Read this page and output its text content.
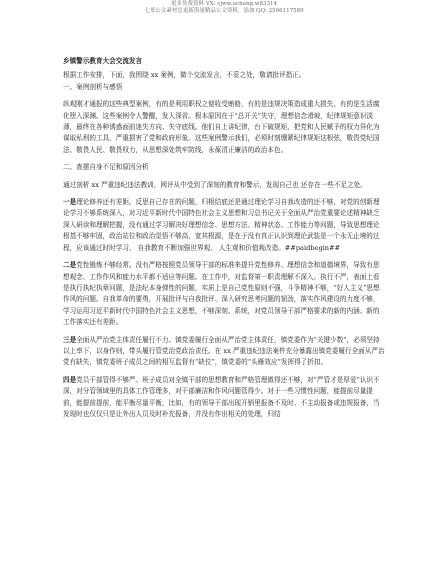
更多免费资料 VX: cjww.ucheng.w83314
七哥公文素材总更新海量精品公文资料，添加 QQ: 2506117589
乡镇警示教育大会交流发言

根据工作安排，下面，我围绕 xx 案例，做个交流发言，不妥之处，敬请批评指正。

一、案例剖析与感悟

纵观刚才通报的这些典型案例，有的是利用职权之便收受贿赂，有的是违规决策造成重大损失，有的是生活腐化堕入深渊。这些案例令人警醒，发人深省。根本原因在于“总开关”失守，理想信念滑坡，纪律规矩意识淡薄，最终在各种诱惑面前迷失方向、失守底线。他们自上讲纪律，台下破规矩，把党和人民赋予的权力异化为谋取私利的工具，严重损害了党和政府形象。这些案例警示我们，必须时刻绷紧纪律规矩这根弦，敬畏党纪国法、敬畏人民、敬畏权力，从思想深处筑牢防线，永葆清正廉洁的政治本色。

二、查摆自身不足和原因分析

通过剖析 xx 严重违纪违法教训，网评从中受到了深刻的教育和警示，发现自己也 还存在一些不足之处。

一是理论修养还有差距。反思自己存在的问题，归根结底还是通过理论学习自我改造的还不够，对党的创新理论学习不够系统深入，对习近平新时代中国特色社会主义思想和习总书记关于全面从严治党重要论述精神缺乏深入研读和理解把握，没有通过学习解决好理想信念、思想方法、精神状态、工作能力等问题，导致思想理论根基不够牢固，政治站位和政治觉悟不够高，宽其根源，是在于没有真正认识到理论武装是一个永无止境的过程，应该通过时时学习、 自我教育不断加强世界观、 人生观和价值观改造。##paidbegin##

二是党性锻炼不够经常。没有严格按照党员领导干部的标准来提升党性修养、理想信念和道德境界，导致有思想观念、工作作风和能力水平都不适应等问题。在工作中，对监督第一职责理解不深入、执行不严，表面上看是执行执纪执章问题，是法纪本身弹性的问题，实质上是自己党性原则不强，斗争精神不够，“好人主义”思想作风的问题。自我革命的要勇，开展批评与自我批评、深入研究思考问题的韧劲，落实作风建设的力度不够，学习运用习近平新时代中国特色社会主义思想，不够深刻、系统，对党员领导干部严格要求的新的内涵、新的工作落实还有差距。

三是全面从严治党主体责任履行不力。镇党委履行全面从严治党主体责任，镇党委作为“关键少数”，必须坚持以上率下，以身作则，带头履行管党治党政治责任。在 xx 严重违纪违法案件充分暴露出镇党委履行全面从严治党有缺失，镇党委班子成员之间的相互监督有“缺位”，镇党委的“头雁效应”发挥得了折扣。

四是党员干部管得不够严。班子成员对全镇干部的思想教育和严格管理做得还不够，对“严管才是厚爱”认识不深，对分管领域里的具体工作管理多，对干部廉洁和作风问题管得少。对于一些习惯性问题，能提前尽量提前，能提前提前，能平衡尽量平衡，比如，有的领导干部出现开销里报备不及时、不主动报备或违规报备，当发现时也仅仅只是让外出人员及时补充报备，并没有作出相关的处理，归结
